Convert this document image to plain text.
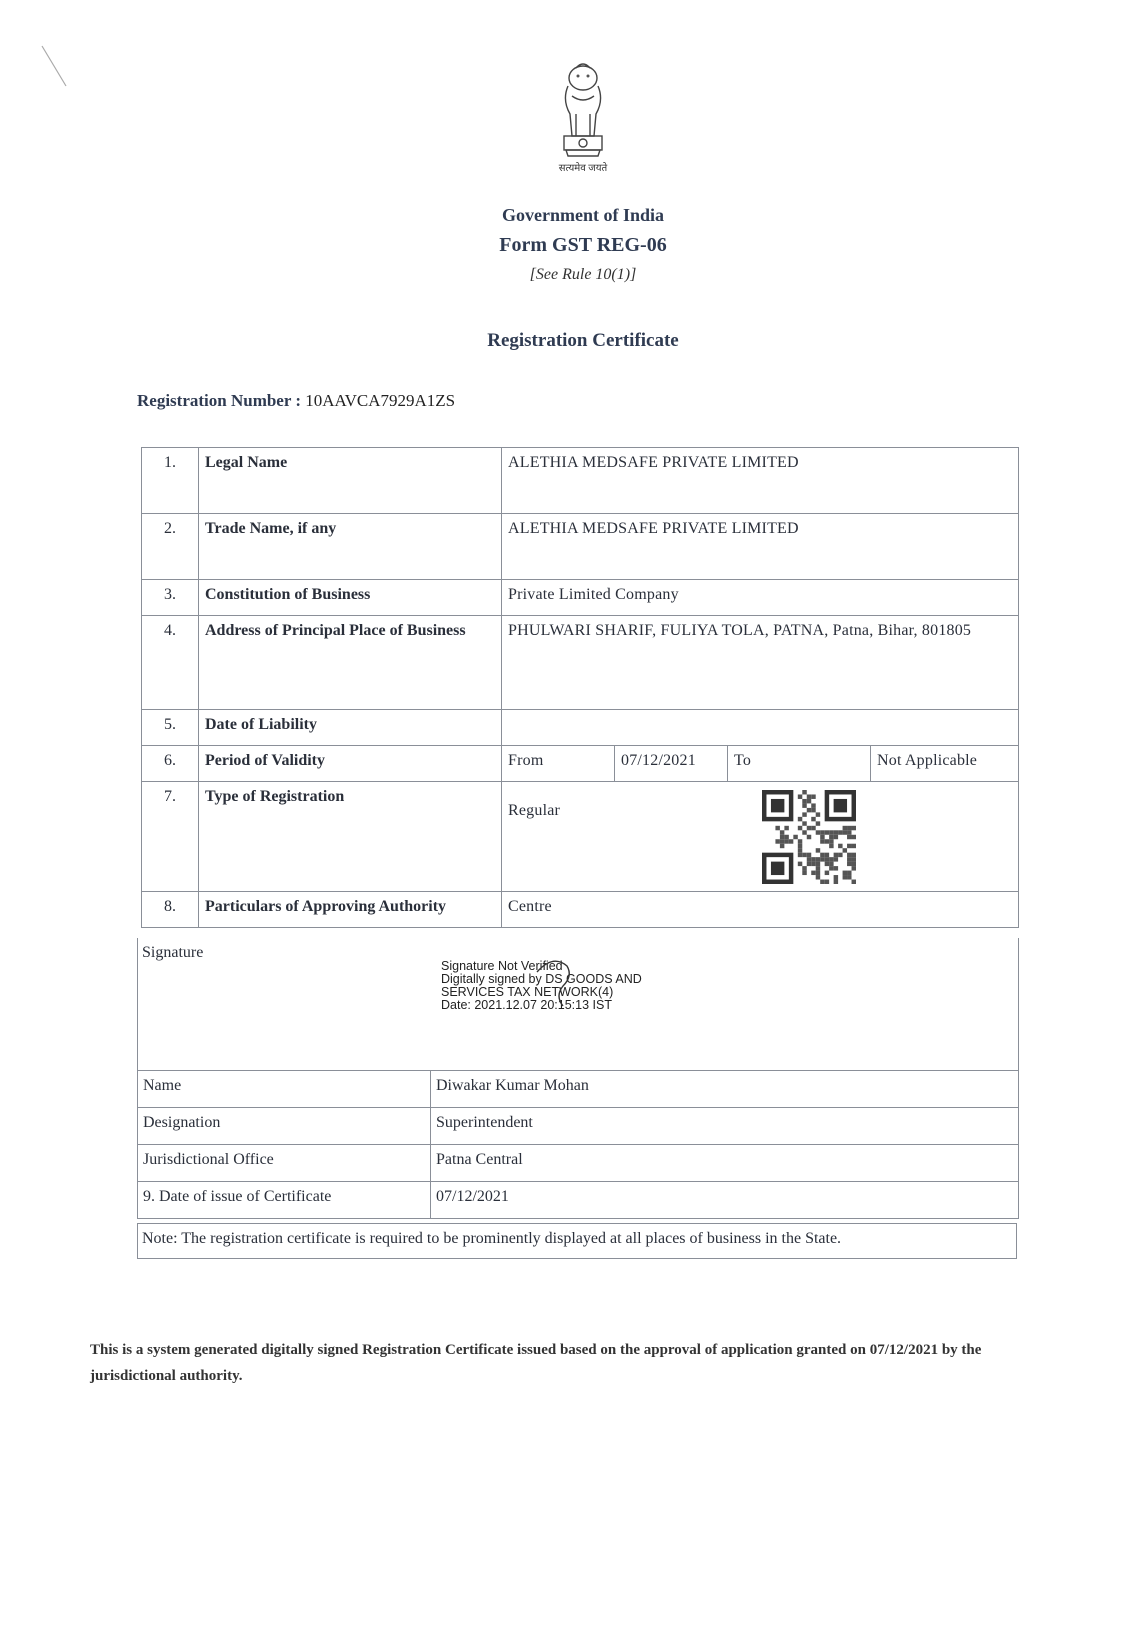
सत्यमेव जयते
Government of India
Form GST REG-06
[See Rule 10(1)]
Registration Certificate
Registration Number : 10AAVCA7929A1ZS
1.	Legal Name	ALETHIA MEDSAFE PRIVATE LIMITED			
2.	Trade Name, if any	ALETHIA MEDSAFE PRIVATE LIMITED			
3.	Constitution of Business	Private Limited Company			
4.	Address of Principal Place of Business	PHULWARI SHARIF, FULIYA TOLA, PATNA, Patna, Bihar, 801805			
5.	Date of Liability				
6.	Period of Validity	From	07/12/2021	To	Not Applicable
7.	Type of Registration	Regular			

8.	Particulars of Approving Authority	Centre			
Signature
Signature Not Verified
Digitally signed by DS GOODS AND
SERVICES TAX NETWORK(4)
Date: 2021.12.07 20:15:13 IST
Name	Diwakar Kumar Mohan
Designation	Superintendent
Jurisdictional Office	Patna Central
9. Date of issue of Certificate	07/12/2021
Note: The registration certificate is required to be prominently displayed at all places of business in the State.
This is a system generated digitally signed Registration Certificate issued based on the approval of application granted on 07/12/2021 by the jurisdictional authority.
